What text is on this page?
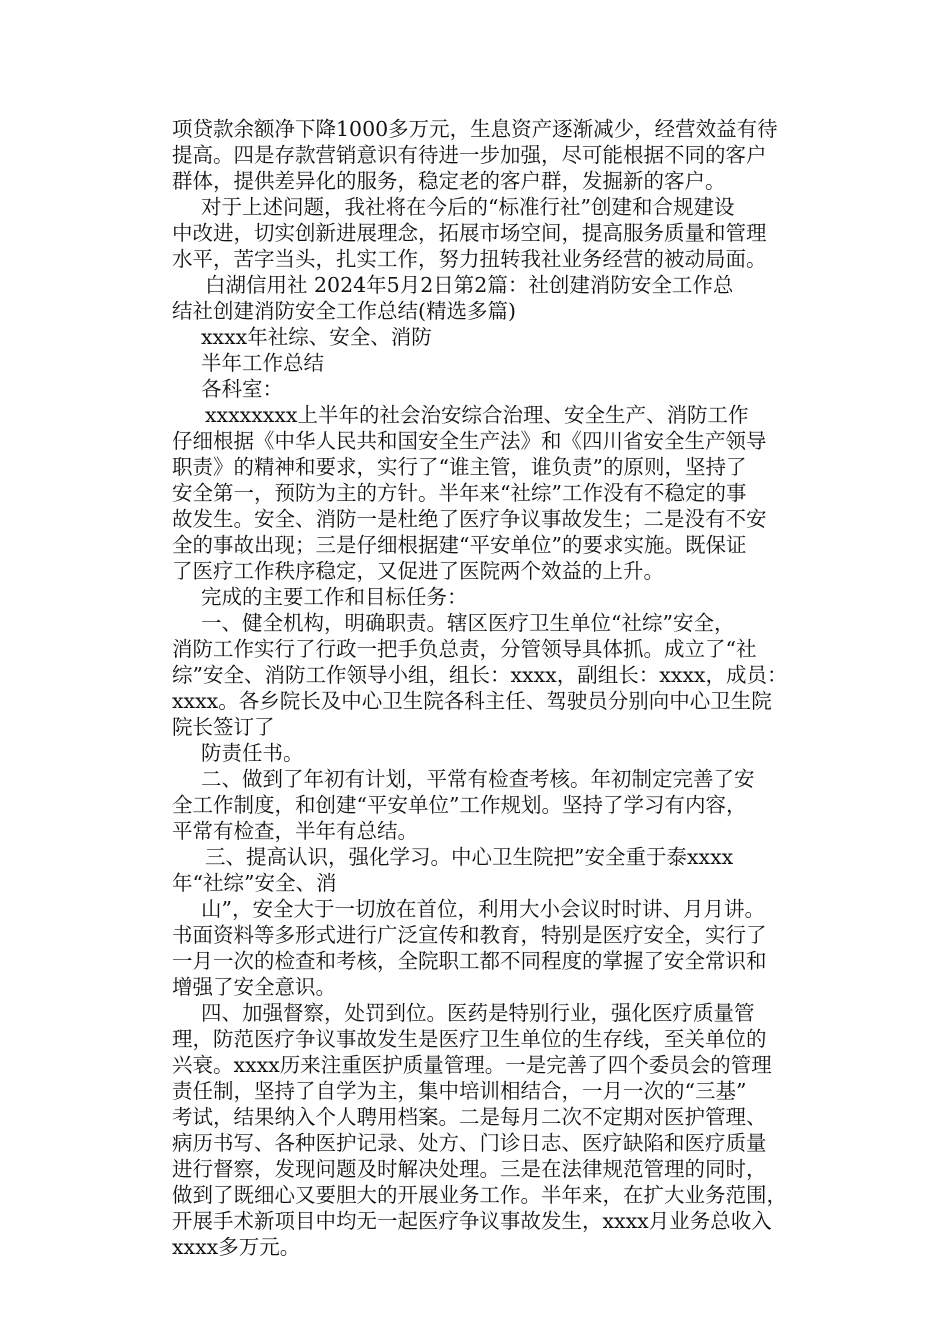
项贷款余额净下降1000多万元，生息资产逐渐减少，经营效益有待
提高。四是存款营销意识有待进一步加强，尽可能根据不同的客户
群体，提供差异化的服务，稳定老的客户群，发掘新的客户。
对于上述问题，我社将在今后的“标准行社”创建和合规建设
中改进，切实创新进展理念，拓展市场空间，提高服务质量和管理
水平，苦字当头，扎实工作，努力扭转我社业务经营的被动局面。
白湖信用社 2024年5月2日第2篇：社创建消防安全工作总
结社创建消防安全工作总结(精选多篇)
xxxx年社综、安全、消防
半年工作总结
各科室：
xxxxxxxx上半年的社会治安综合治理、安全生产、消防工作
仔细根据《中华人民共和国安全生产法》和《四川省安全生产领导
职责》的精神和要求，实行了“谁主管，谁负责”的原则，坚持了
安全第一，预防为主的方针。半年来“社综”工作没有不稳定的事
故发生。安全、消防一是杜绝了医疗争议事故发生；二是没有不安
全的事故出现；三是仔细根据建“平安单位”的要求实施。既保证
了医疗工作秩序稳定，又促进了医院两个效益的上升。
完成的主要工作和目标任务：
一、健全机构，明确职责。辖区医疗卫生单位“社综”安全，
消防工作实行了行政一把手负总责，分管领导具体抓。成立了“社
综”安全、消防工作领导小组，组长：xxxx，副组长：xxxx，成员：
xxxx。各乡院长及中心卫生院各科主任、驾驶员分别向中心卫生院
院长签订了
防责任书。
二、做到了年初有计划，平常有检查考核。年初制定完善了安
全工作制度，和创建“平安单位”工作规划。坚持了学习有内容，
平常有检查，半年有总结。
三、提高认识，强化学习。中心卫生院把”安全重于泰xxxx
年“社综”安全、消
山”，安全大于一切放在首位，利用大小会议时时讲、月月讲。
书面资料等多形式进行广泛宣传和教育，特别是医疗安全，实行了
一月一次的检查和考核，全院职工都不同程度的掌握了安全常识和
增强了安全意识。
四、加强督察，处罚到位。医药是特别行业，强化医疗质量管
理，防范医疗争议事故发生是医疗卫生单位的生存线，至关单位的
兴衰。xxxx历来注重医护质量管理。一是完善了四个委员会的管理
责任制，坚持了自学为主，集中培训相结合，一月一次的“三基”
考试，结果纳入个人聘用档案。二是每月二次不定期对医护管理、
病历书写、各种医护记录、处方、门诊日志、医疗缺陷和医疗质量
进行督察，发现问题及时解决处理。三是在法律规范管理的同时，
做到了既细心又要胆大的开展业务工作。半年来，在扩大业务范围，
开展手术新项目中均无一起医疗争议事故发生，xxxx月业务总收入
xxxx多万元。
